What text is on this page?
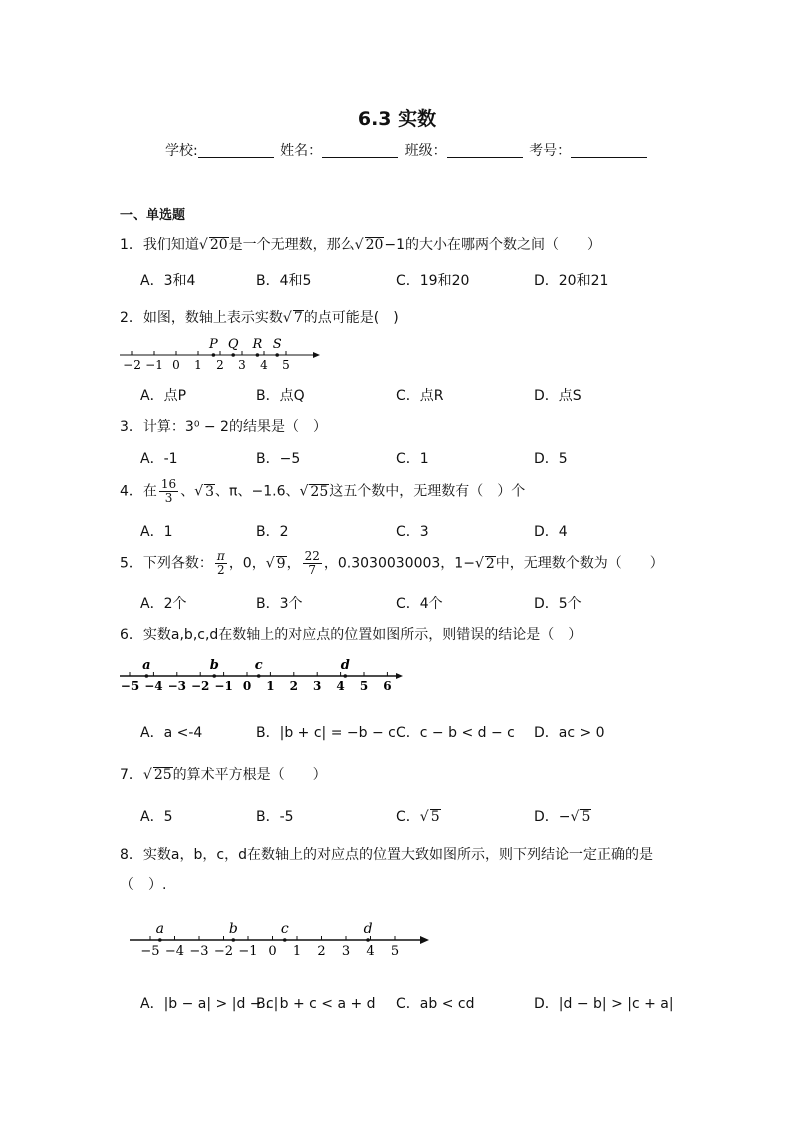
6.3 实数
学校:	姓名：	班级：	考号：
一、单选题
1．我们知道√ 20是一个无理数，那么√ 20−1的大小在哪两个数之间（　　）
A．3和4	B．4和5	C．19和20	D．20和21
2．如图，数轴上表示实数√ 7的点可能是(　)
−2 −1 0 1 2 3 4 5
P Q R S
A．点P	B．点Q	C．点R	D．点S
3．计算：3⁰ − 2的结果是（　）
A．-1	B．−5	C．1	D．5
4．在 $\frac{16}{3}$ 、√ 3、π、−1.6、√ 25这五个数中，无理数有（　）个
A．1	B．2	C．3	D．4
5．下列各数： $\frac{\pi}{2}$ ，0，√ 9， $\frac{22}{7}$ ，0.3030030003，1−√ 2中，无理数个数为（　　）
A．2个	B．3个	C．4个	D．5个
6．实数a,b,c,d在数轴上的对应点的位置如图所示，则错误的结论是（　）
−5 −4 −3 −2 −1 0 1 2 3 4 5 6
a	b	c	d
A．a <-4	B．|b + c| = −b − c C．c − b < d − c D．ac > 0
7．√ 25的算术平方根是（　　）
A．5	B．-5	C．√ 5	D．−√ 5
8．实数a，b，c，d在数轴上的对应点的位置大致如图所示，则下列结论一定正确的是
（　）.
−5 −4 −3 −2 −1 0 1 2 3 4 5
a	b	c	d
A．|b − a| > |d − c|
B．b + c < a + d C．ab < cd	D．|d − b| > |c + a|
